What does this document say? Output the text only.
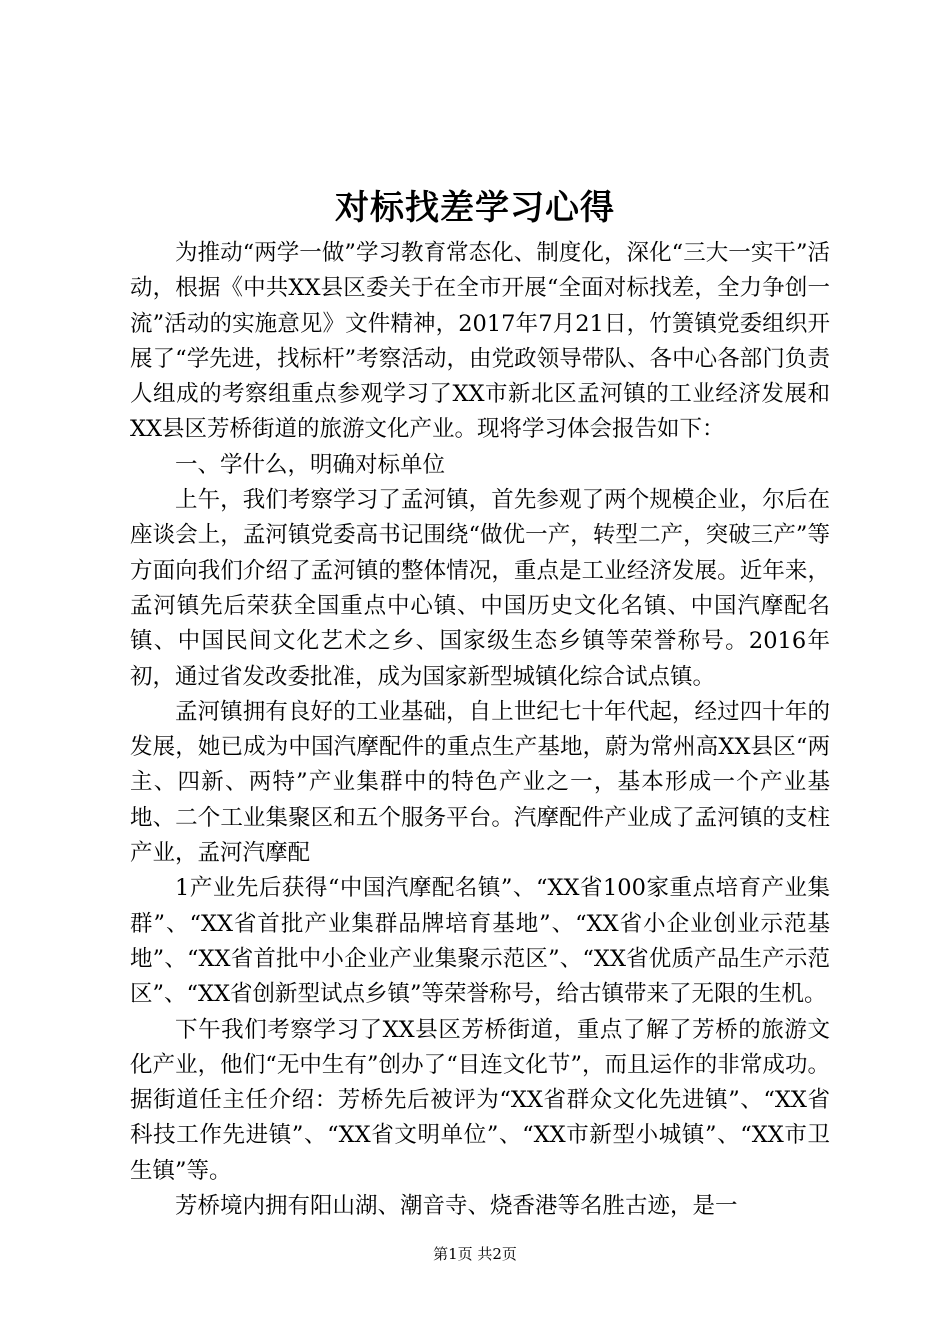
对标找差学习心得

为推动“两学一做”学习教育常态化、制度化，深化“三大一实干”活动，根据《中共XX县区委关于在全市开展“全面对标找差，全力争创一流”活动的实施意见》文件精神，2017年7月21日，竹箦镇党委组织开展了“学先进，找标杆”考察活动，由党政领导带队、各中心各部门负责人组成的考察组重点参观学习了XX市新北区孟河镇的工业经济发展和XX县区芳桥街道的旅游文化产业。现将学习体会报告如下：

一、学什么，明确对标单位

上午，我们考察学习了孟河镇，首先参观了两个规模企业，尔后在座谈会上，孟河镇党委高书记围绕“做优一产，转型二产，突破三产”等方面向我们介绍了孟河镇的整体情况，重点是工业经济发展。近年来，孟河镇先后荣获全国重点中心镇、中国历史文化名镇、中国汽摩配名镇、中国民间文化艺术之乡、国家级生态乡镇等荣誉称号。2016年初，通过省发改委批准，成为国家新型城镇化综合试点镇。

孟河镇拥有良好的工业基础，自上世纪七十年代起，经过四十年的发展，她已成为中国汽摩配件的重点生产基地，蔚为常州高XX县区“两主、四新、两特”产业集群中的特色产业之一，基本形成一个产业基地、二个工业集聚区和五个服务平台。汽摩配件产业成了孟河镇的支柱产业，孟河汽摩配

1产业先后获得“中国汽摩配名镇”、“XX省100家重点培育产业集群”、“XX省首批产业集群品牌培育基地”、“XX省小企业创业示范基地”、“XX省首批中小企业产业集聚示范区”、“XX省优质产品生产示范区”、“XX省创新型试点乡镇”等荣誉称号，给古镇带来了无限的生机。

下午我们考察学习了XX县区芳桥街道，重点了解了芳桥的旅游文化产业，他们“无中生有”创办了“目连文化节”，而且运作的非常成功。据街道任主任介绍：芳桥先后被评为“XX省群众文化先进镇”、“XX省科技工作先进镇”、“XX省文明单位”、“XX市新型小城镇”、“XX市卫生镇”等。

芳桥境内拥有阳山湖、潮音寺、烧香港等名胜古迹，是一

第1页 共2页
